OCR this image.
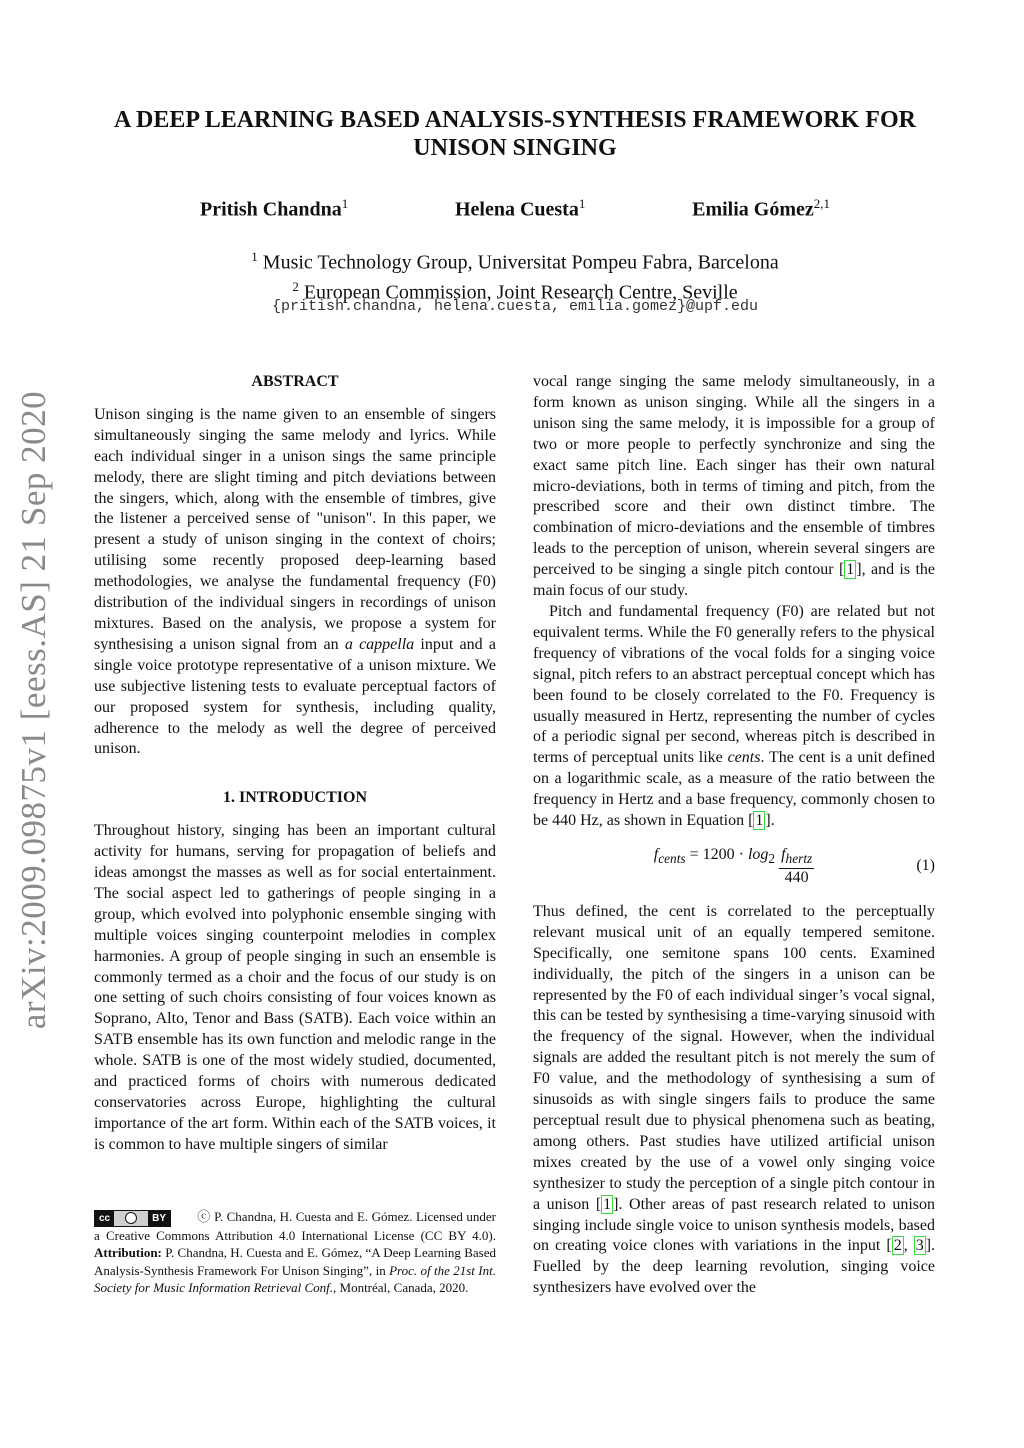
arXiv:2009.09875v1 [eess.AS] 21 Sep 2020
A DEEP LEARNING BASED ANALYSIS-SYNTHESIS FRAMEWORK FOR UNISON SINGING
Pritish Chandna$^1$	Helena Cuesta$^1$	Emilia Gómez$^{2,1}$
$^1$ Music Technology Group, Universitat Pompeu Fabra, Barcelona
$^2$ European Commission, Joint Research Centre, Seville
{pritish.chandna, helena.cuesta, emilia.gomez}@upf.edu
ABSTRACT

Unison singing is the name given to an ensemble of singers simultaneously singing the same melody and lyrics. While each individual singer in a unison sings the same principle melody, there are slight timing and pitch deviations between the singers, which, along with the ensemble of timbres, give the listener a perceived sense of "unison". In this paper, we present a study of unison singing in the context of choirs; utilising some recently proposed deep-learning based methodologies, we analyse the fundamental frequency (F0) distribution of the individual singers in recordings of unison mixtures. Based on the analysis, we propose a system for synthesising a unison signal from an a cappella input and a single voice prototype representative of a unison mixture. We use subjective listening tests to evaluate perceptual factors of our proposed system for synthesis, including quality, adherence to the melody as well the degree of perceived unison.

1. INTRODUCTION

Throughout history, singing has been an important cultural activity for humans, serving for propagation of beliefs and ideas amongst the masses as well as for social entertainment. The social aspect led to gatherings of people singing in a group, which evolved into polyphonic ensemble singing with multiple voices singing counterpoint melodies in complex harmonies. A group of people singing in such an ensemble is commonly termed as a choir and the focus of our study is on one setting of such choirs consisting of four voices known as Soprano, Alto, Tenor and Bass (SATB). Each voice within an SATB ensemble has its own function and melodic range in the whole. SATB is one of the most widely studied, documented, and practiced forms of choirs with numerous dedicated conservatories across Europe, highlighting the cultural importance of the art form. Within each of the SATB voices, it is common to have multiple singers of similar

vocal range singing the same melody simultaneously, in a form known as unison singing. While all the singers in a unison sing the same melody, it is impossible for a group of two or more people to perfectly synchronize and sing the exact same pitch line. Each singer has their own natural micro-deviations, both in terms of timing and pitch, from the prescribed score and their own distinct timbre. The combination of micro-deviations and the ensemble of timbres leads to the perception of unison, wherein several singers are perceived to be singing a single pitch contour [ 1 ], and is the main focus of our study.

Pitch and fundamental frequency (F0) are related but not equivalent terms. While the F0 generally refers to the physical frequency of vibrations of the vocal folds for a singing voice signal, pitch refers to an abstract perceptual concept which has been found to be closely correlated to the F0. Frequency is usually measured in Hertz, representing the number of cycles of a periodic signal per second, whereas pitch is described in terms of perceptual units like cents. The cent is a unit defined on a logarithmic scale, as a measure of the ratio between the frequency in Hertz and a base frequency, commonly chosen to be 440 Hz, as shown in Equation [ 1 ].

$f_{cents} = 1200 \cdot \log_2 \frac{f_{hertz}}{440}$	(1)

Thus defined, the cent is correlated to the perceptually relevant musical unit of an equally tempered semitone. Specifically, one semitone spans 100 cents. Examined individually, the pitch of the singers in a unison can be represented by the F0 of each individual singer’s vocal signal, this can be tested by synthesising a time-varying sinusoid with the frequency of the signal. However, when the individual signals are added the resultant pitch is not merely the sum of F0 value, and the methodology of synthesising a sum of sinusoids as with single singers fails to produce the same perceptual result due to physical phenomena such as beating, among others. Past studies have utilized artificial unison mixes created by the use of a vowel only singing voice synthesizer to study the perception of a single pitch contour in a unison [ 1 ]. Other areas of past research related to unison singing include single voice to unison synthesis models, based on creating voice clones with variations in the input [ 2 , 3 ]. Fuelled by the deep learning revolution, singing voice synthesizers have evolved over the

cc	BY	ⓒ P. Chandna, H. Cuesta and E. Gómez. Licensed under a Creative Commons Attribution 4.0 International License (CC BY 4.0). Attribution: P. Chandna, H. Cuesta and E. Gómez, “A Deep Learning Based Analysis-Synthesis Framework For Unison Singing”, in Proc. of the 21st Int. Society for Music Information Retrieval Conf., Montréal, Canada, 2020.
